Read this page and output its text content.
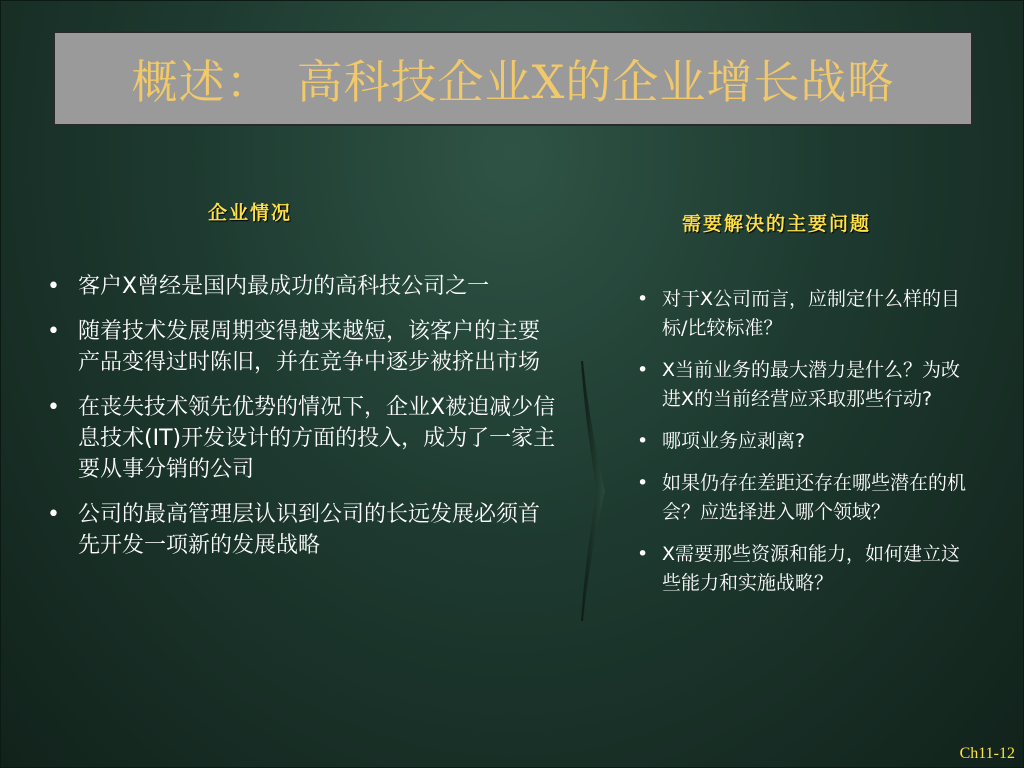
概述：　高科技企业X的企业增长战略
企业情况	需要解决的主要问题
• 客户X曾经是国内最成功的高科技公司之一
• 随着技术发展周期变得越来越短，该客户的主要产品变得过时陈旧，并在竞争中逐步被挤出市场
• 在丧失技术领先优势的情况下，企业X被迫减少信息技术(IT)开发设计的方面的投入，成为了一家主要从事分销的公司
• 公司的最高管理层认识到公司的长远发展必须首先开发一项新的发展战略
• 对于X公司而言，应制定什么样的目标/比较标准？
• X当前业务的最大潜力是什么？为改进X的当前经营应采取那些行动?
• 哪项业务应剥离?
• 如果仍存在差距还存在哪些潜在的机会？应选择进入哪个领域？
• X需要那些资源和能力，如何建立这些能力和实施战略？
Ch11-12
